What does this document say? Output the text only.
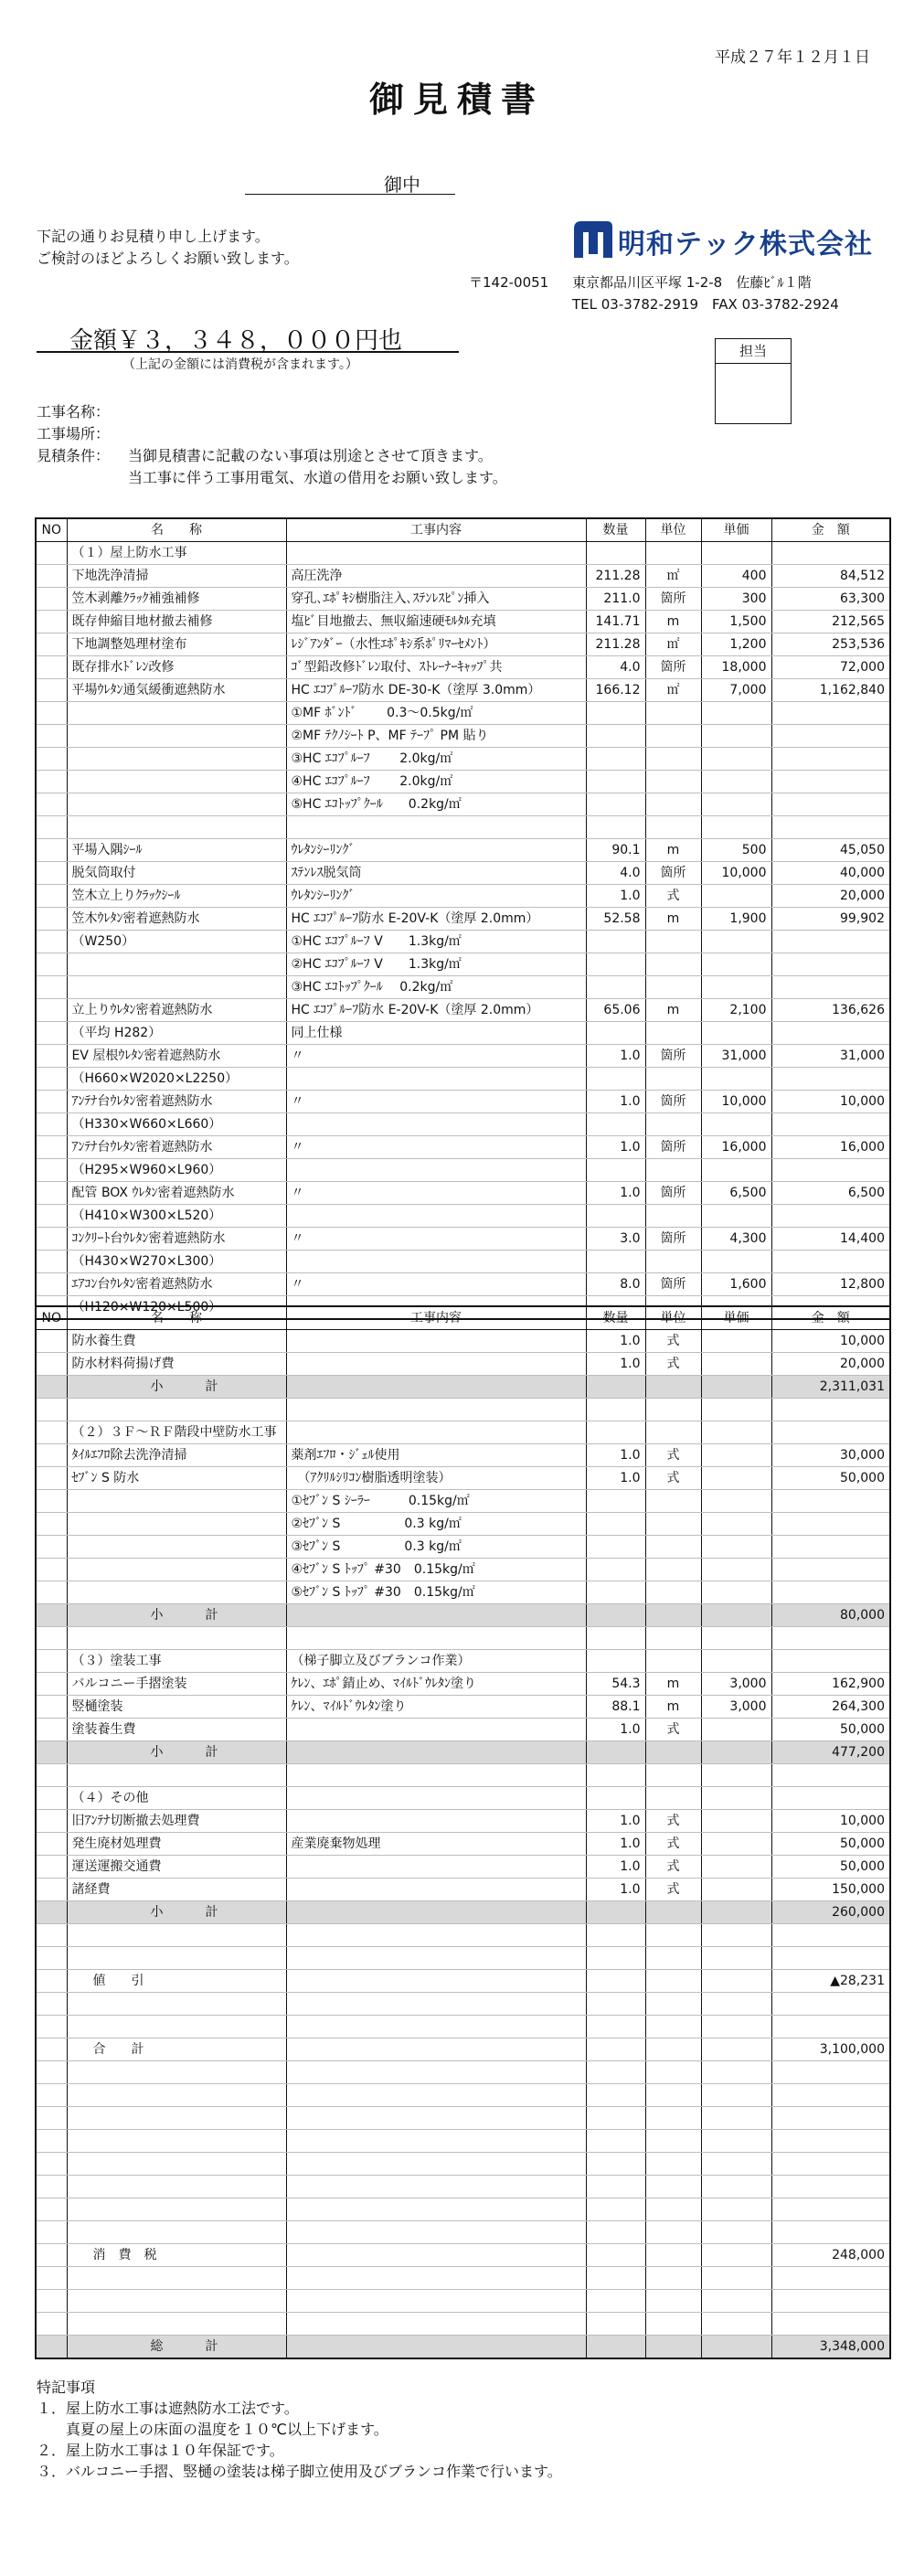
平成２７年１２月１日
御見積書
御中
下記の通りお見積り申し上げます。
ご検討のほどよろしくお願い致します。	明和テック株式会社
〒142-0051 東京都品川区平塚 1-2-8　佐藤ﾋﾞﾙ１階
TEL 03-3782-2919　FAX 03-3782-2924
金額￥３，３４８，０００円也
（上記の金額には消費税が含まれます。）
担当
工事名称：
工事場所：
見積条件： 当御見積書に記載のない事項は別途とさせて頂きます。
当工事に伴う工事用電気、水道の借用をお願い致します。
NO	名　　称	工事内容	数量	単位	単価	金　額
	（１）屋上防水工事					
	下地洗浄清掃	高圧洗浄	211.28	㎡	400	84,512
	笠木剥離ｸﾗｯｸ補強補修	穿孔､ｴﾎﾟｷｼ樹脂注入､ｽﾃﾝﾚｽﾋﾟﾝ挿入	211.0	箇所	300	63,300
	既存伸縮目地材撤去補修	塩ﾋﾞ目地撤去、無収縮速硬ﾓﾙﾀﾙ充填	141.71	m	1,500	212,565
	下地調整処理材塗布	ﾚｼﾞｱﾝﾀﾞｰ（水性ｴﾎﾟｷｼ系ﾎﾟﾘﾏｰｾﾒﾝﾄ）	211.28	㎡	1,200	253,536
	既存排水ﾄﾞﾚﾝ改修	ｺﾞ型鉛改修ﾄﾞﾚﾝ取付、ｽﾄﾚｰﾅｰｷｬｯﾌﾟ共	4.0	箇所	18,000	72,000
	平場ｳﾚﾀﾝ通気緩衝遮熱防水	HC ｴｺﾌﾟﾙｰﾌ防水 DE-30-K（塗厚 3.0mm）	166.12	㎡	7,000	1,162,840
		①MF ﾎﾞﾝﾄﾞ　　 0.3～0.5kg/㎡				
		②MF ﾃｸﾉｼｰﾄ P、MF ﾃｰﾌﾟ PM 貼り				
		③HC ｴｺﾌﾟﾙｰﾌ　　 2.0kg/㎡				
		④HC ｴｺﾌﾟﾙｰﾌ　　 2.0kg/㎡				
		⑤HC ｴｺﾄｯﾌﾟｸｰﾙ　　0.2kg/㎡				

	平場入隅ｼｰﾙ	ｳﾚﾀﾝｼｰﾘﾝｸﾞ	90.1	m	500	45,050
	脱気筒取付	ｽﾃﾝﾚｽ脱気筒	4.0	箇所	10,000	40,000
	笠木立上りｸﾗｯｸｼｰﾙ	ｳﾚﾀﾝｼｰﾘﾝｸﾞ	1.0	式		20,000
	笠木ｳﾚﾀﾝ密着遮熱防水	HC ｴｺﾌﾟﾙｰﾌ防水 E-20V-K（塗厚 2.0mm）	52.58	m	1,900	99,902
	（W250）	①HC ｴｺﾌﾟﾙｰﾌ V　　1.3kg/㎡				
		②HC ｴｺﾌﾟﾙｰﾌ V　　1.3kg/㎡				
		③HC ｴｺﾄｯﾌﾟｸｰﾙ　 0.2kg/㎡				
	立上りｳﾚﾀﾝ密着遮熱防水	HC ｴｺﾌﾟﾙｰﾌ防水 E-20V-K（塗厚 2.0mm）	65.06	m	2,100	136,626
	（平均 H282）	同上仕様				
	EV 屋根ｳﾚﾀﾝ密着遮熱防水	〃	1.0	箇所	31,000	31,000
	（H660×W2020×L2250）					
	ｱﾝﾃﾅ台ｳﾚﾀﾝ密着遮熱防水	〃	1.0	箇所	10,000	10,000
	（H330×W660×L660）					
	ｱﾝﾃﾅ台ｳﾚﾀﾝ密着遮熱防水	〃	1.0	箇所	16,000	16,000
	（H295×W960×L960）					
	配管 BOX ｳﾚﾀﾝ密着遮熱防水	〃	1.0	箇所	6,500	6,500
	（H410×W300×L520）					
	ｺﾝｸﾘｰﾄ台ｳﾚﾀﾝ密着遮熱防水	〃	3.0	箇所	4,300	14,400
	（H430×W270×L300）					
	ｴｱｺﾝ台ｳﾚﾀﾝ密着遮熱防水	〃	8.0	箇所	1,600	12,800
	（H120×W120×L500）					
NO	名　　称	工事内容	数量	単位	単価	金　額
	防水養生費		1.0	式		10,000
	防水材料荷揚げ費		1.0	式		20,000
	小　　計					2,311,031

	（２）３Ｆ～ＲＦ階段中壁防水工事					
	ﾀｲﾙｴﾌﾛ除去洗浄清掃	薬剤ｴﾌﾛ・ｼﾞｪﾙ使用	1.0	式		30,000
	ｾﾌﾞﾝ S 防水	　（ｱｸﾘﾙｼﾘｺﾝ樹脂透明塗装）	1.0	式		50,000
		①ｾﾌﾞﾝ S ｼｰﾗｰ　　　0.15kg/㎡				
		②ｾﾌﾞﾝ S　　　　　0.3 kg/㎡				
		③ｾﾌﾞﾝ S　　　　　0.3 kg/㎡				
		④ｾﾌﾞﾝ S ﾄｯﾌﾟ #30　0.15kg/㎡				
		⑤ｾﾌﾞﾝ S ﾄｯﾌﾟ #30　0.15kg/㎡				
	小　　計					80,000

	（３）塗装工事	（梯子脚立及びブランコ作業）				
	バルコニー手摺塗装	ｹﾚﾝ、ｴﾎﾟ錆止め、ﾏｲﾙﾄﾞｳﾚﾀﾝ塗り	54.3	m	3,000	162,900
	竪樋塗装	ｹﾚﾝ、ﾏｲﾙﾄﾞｳﾚﾀﾝ塗り	88.1	m	3,000	264,300
	塗装養生費		1.0	式		50,000
	小　　計					477,200

	（４）その他					
	旧ｱﾝﾃﾅ切断撤去処理費		1.0	式		10,000
	発生廃材処理費	産業廃棄物処理	1.0	式		50,000
	運送運搬交通費		1.0	式		50,000
	諸経費		1.0	式		150,000
	小　　計					260,000

	値　　引					▲28,231

	合　　計					3,100,000

	消　費　税					248,000

	総　　計					3,348,000
特記事項
１．屋上防水工事は遮熱防水工法です。
　　真夏の屋上の床面の温度を１０℃以上下げます。
２．屋上防水工事は１０年保証です。
３．バルコニー手摺、竪樋の塗装は梯子脚立使用及びブランコ作業で行います。
